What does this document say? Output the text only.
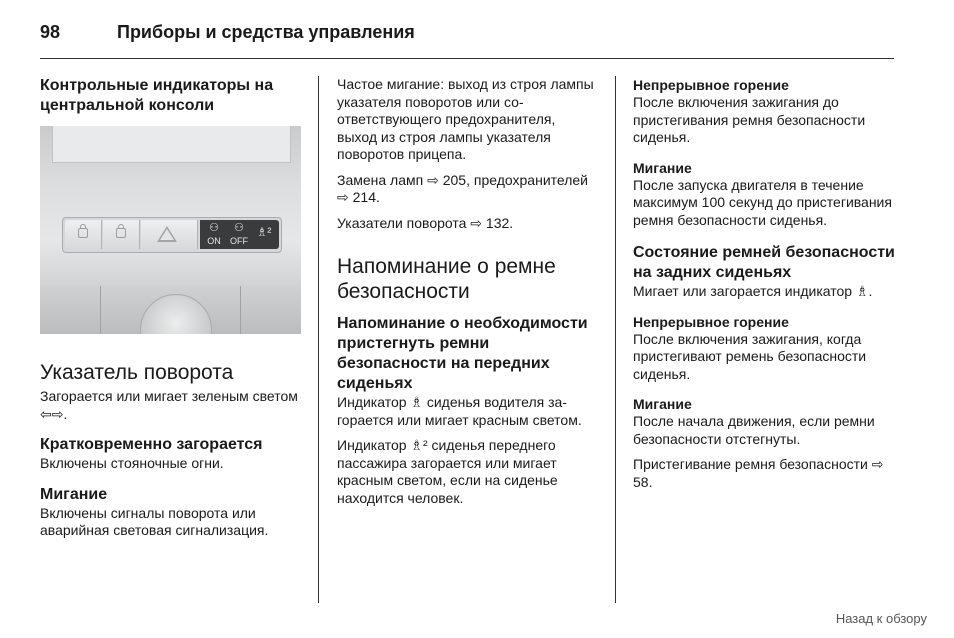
98	Приборы и средства управления

Контрольные индикаторы на центральной консоли

⚇
ON
⚇
OFF
♗²

Указатель поворота

Загорается или мигает зеленым светом ⇦⇨.

Кратковременно загорается

Включены стояночные огни.

Мигание

Включены сигналы поворота или аварийная световая сигнализация.

Частое мигание: выход из строя лампы указателя поворотов или соответствующего предохранителя, выход из строя лампы указателя поворотов прицепа.

Замена ламп ⇨ 205, предохранителей ⇨ 214.

Указатели поворота ⇨ 132.

Напоминание о ремне безопасности

Напоминание о необходимости пристегнуть ремни безопасности на передних сиденьях

Индикатор ♗ сиденья водителя загорается или мигает красным светом.

Индикатор ♗² сиденья переднего пассажира загорается или мигает красным светом, если на сиденье находится человек.

Непрерывное горение

После включения зажигания до пристегивания ремня безопасности сиденья.

Мигание

После запуска двигателя в течение максимум 100 секунд до пристегивания ремня безопасности сиденья.

Состояние ремней безопасности на задних сиденьях

Мигает или загорается индикатор ♗.

Непрерывное горение

После включения зажигания, когда пристегивают ремень безопасности сиденья.

Мигание

После начала движения, если ремни безопасности отстегнуты.

Пристегивание ремня безопасности ⇨ 58.

Назад к обзору
